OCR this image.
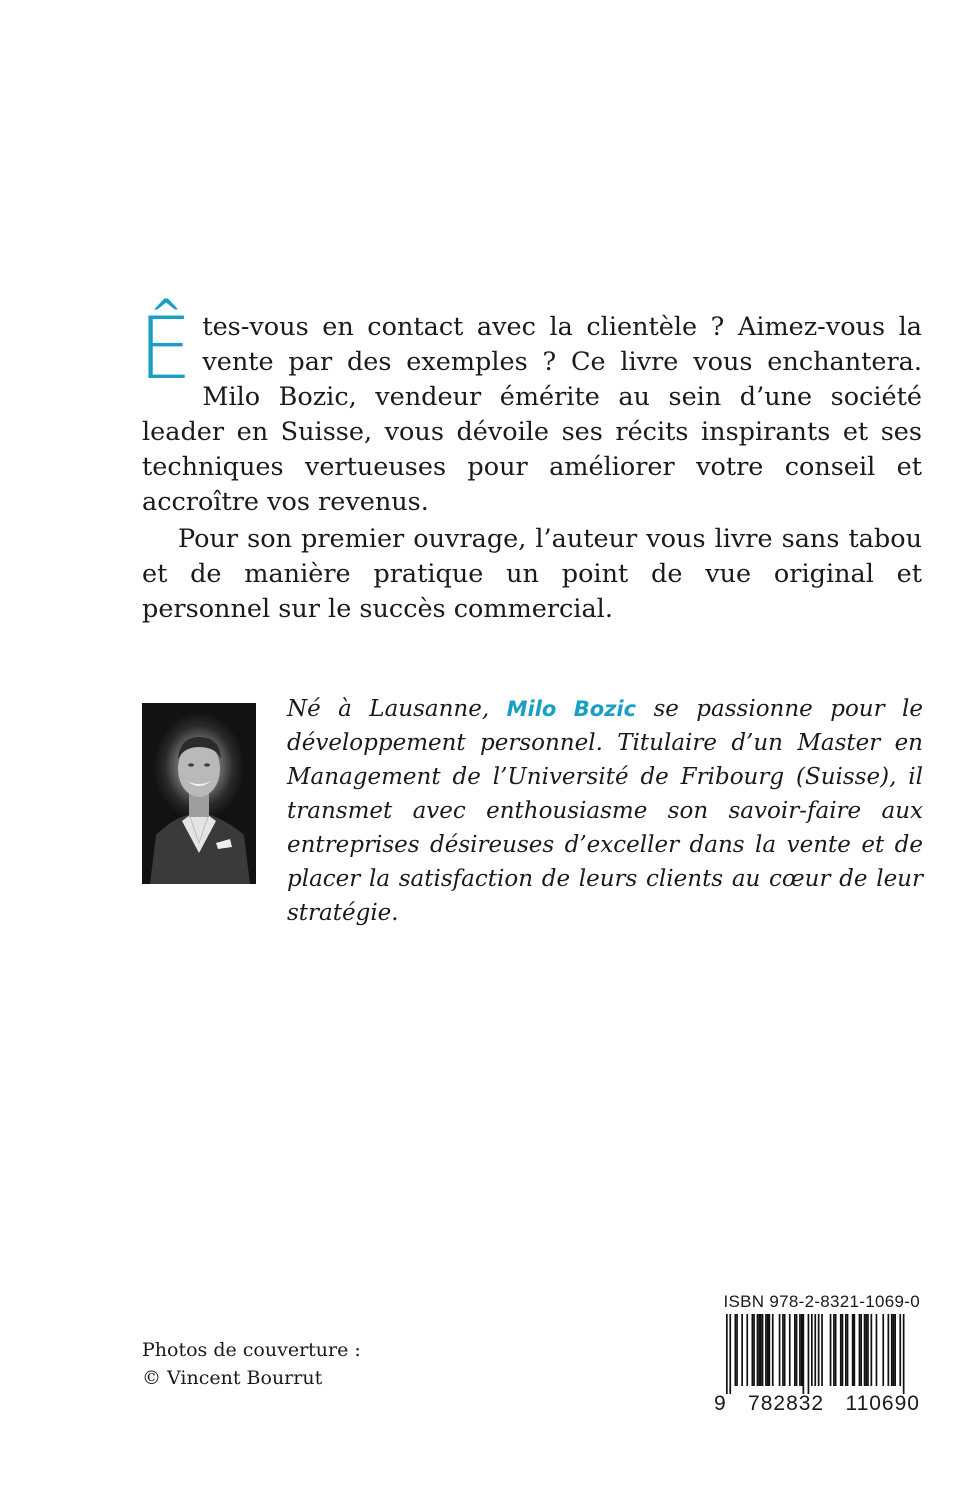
Êtes-vous en contact avec la clientèle ? Aimez-vous la vente par des exemples ? Ce livre vous enchantera. Milo Bozic, vendeur émérite au sein d’une société leader en Suisse, vous dévoile ses récits inspirants et ses techniques vertueuses pour améliorer votre conseil et accroître vos revenus.

Pour son premier ouvrage, l’auteur vous livre sans tabou et de manière pratique un point de vue original et personnel sur le succès commercial.

Né à Lausanne, Milo Bozic se passionne pour le développement personnel. Titulaire d’un Master en Management de l’Université de Fribourg (Suisse), il transmet avec enthousiasme son savoir-faire aux entreprises désireuses d’exceller dans la vente et de placer la satisfaction de leurs clients au cœur de leur stratégie.

Photos de couverture :
© Vincent Bourrut
ISBN 978-2-8321-1069-0
9 782832 110690
